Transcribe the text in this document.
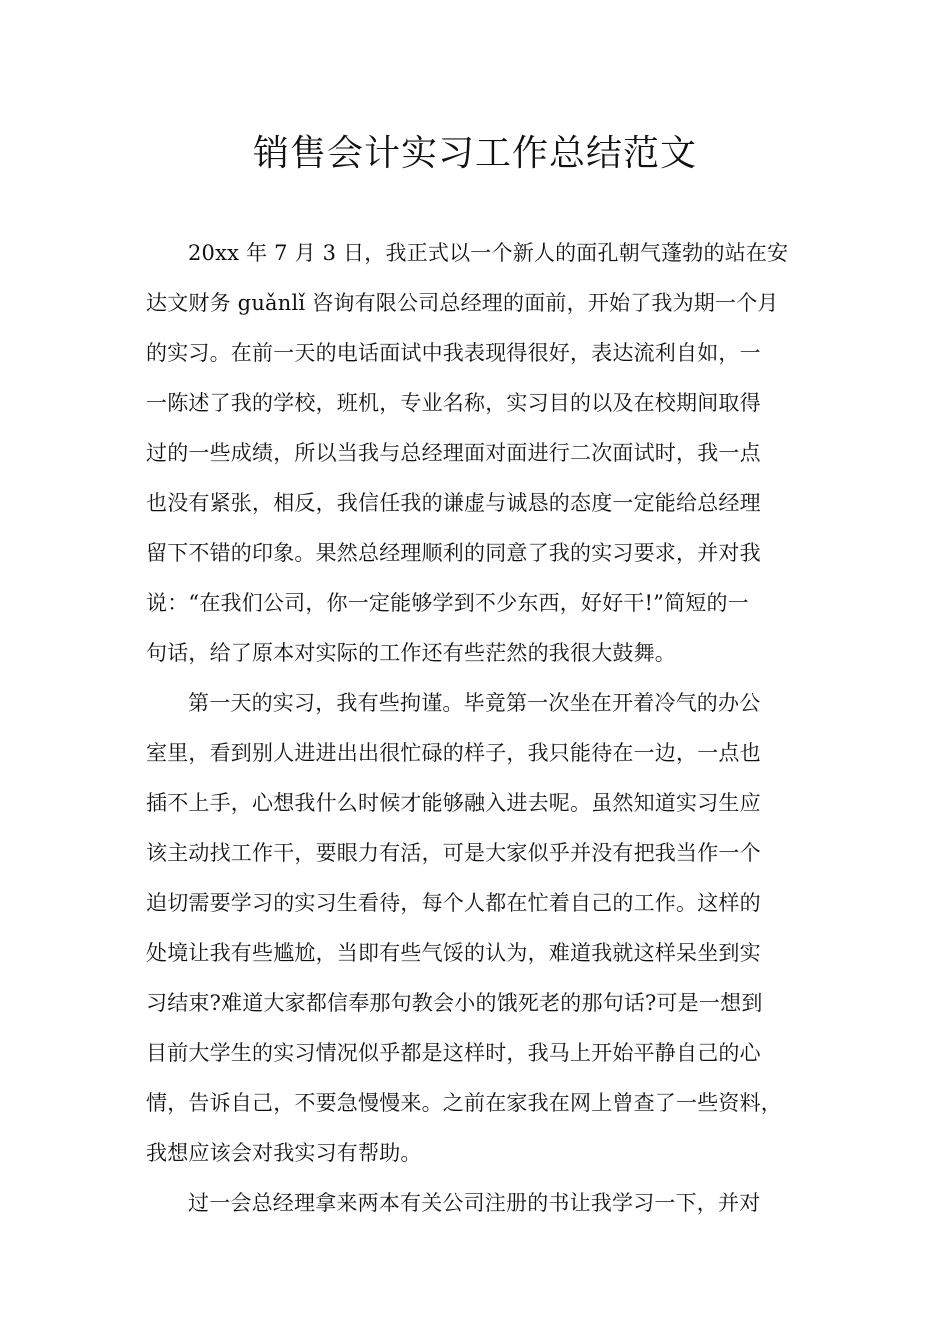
销售会计实习工作总结范文
20xx 年 7 月 3 日，我正式以一个新人的面孔朝气蓬勃的站在安
达文财务 guǎnlǐ 咨询有限公司总经理的面前，开始了我为期一个月
的实习。在前一天的电话面试中我表现得很好，表达流利自如，一
一陈述了我的学校，班机，专业名称，实习目的以及在校期间取得
过的一些成绩，所以当我与总经理面对面进行二次面试时，我一点
也没有紧张，相反，我信任我的谦虚与诚恳的态度一定能给总经理
留下不错的印象。果然总经理顺利的同意了我的实习要求，并对我
说：“在我们公司，你一定能够学到不少东西，好好干!”简短的一
句话，给了原本对实际的工作还有些茫然的我很大鼓舞。
第一天的实习，我有些拘谨。毕竟第一次坐在开着冷气的办公
室里，看到别人进进出出很忙碌的样子，我只能待在一边，一点也
插不上手，心想我什么时候才能够融入进去呢。虽然知道实习生应
该主动找工作干，要眼力有活，可是大家似乎并没有把我当作一个
迫切需要学习的实习生看待，每个人都在忙着自己的工作。这样的
处境让我有些尴尬，当即有些气馁的认为，难道我就这样呆坐到实
习结束?难道大家都信奉那句教会小的饿死老的那句话?可是一想到
目前大学生的实习情况似乎都是这样时，我马上开始平静自己的心
情，告诉自己，不要急慢慢来。之前在家我在网上曾查了一些资料，
我想应该会对我实习有帮助。
过一会总经理拿来两本有关公司注册的书让我学习一下，并对
